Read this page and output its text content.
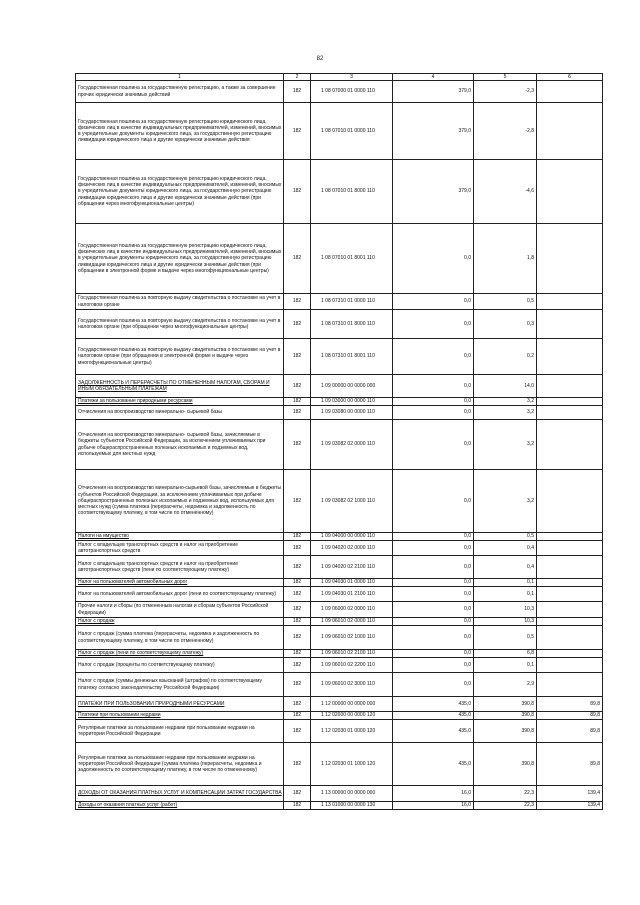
82
1	2	3	4	5	6
Государственная пошлина за государственную регистрацию, а также за совершение прочих юридически значимых действий	182	1 08 07000 01 0000 110	379,0	-2,3	
Государственная пошлина за государственную регистрацию юридического лица, физических лиц в качестве индивидуальных предпринимателей, изменений, вносимых в учредительные документы юридического лица, за государственную регистрацию ликвидации юридического лица и другие юридически значимые действия	182	1 08 07010 01 0000 110	379,0	-2,8	
Государственная пошлина за государственную регистрацию юридического лица, физических лиц в качестве индивидуальных предпринимателей, изменений, вносимых в учредительные документы юридического лица, за государственную регистрацию ликвидации юридического лица и другие юридически значимые действия (при обращении через многофункциональные центры)	182	1 08 07010 01 8000 110	379,0	-4,6	
Государственная пошлина за государственную регистрацию юридического лица, физических лиц в качестве индивидуальных предпринимателей, изменений, вносимых в учредительные документы юридического лица, за государственную регистрацию ликвидации юридического лица и другие юридически значимые действия (при обращении в электронной форме и выдаче через многофункциональные центры)	182	1 08 07010 01 8001 110	0,0	1,8	
Государственная пошлина за повторную выдачу свидетельства о постановке на учет в налоговом органе	182	1 08 07310 01 0000 110	0,0	0,5	
Государственная пошлина за повторную выдачу свидетельства о постановке на учет в налоговом органе (при обращении через многофункциональные центры)	182	1 08 07310 01 8000 110	0,0	0,3	
Государственная пошлина за повторную выдачу свидетельства о постановке на учет в налоговом органе (при обращении в электронной форме и выдаче через многофункциональные центры)	182	1 08 07310 01 8001 110	0,0	0,2	
ЗАДОЛЖЕННОСТЬ И ПЕРЕРАСЧЕТЫ ПО ОТМЕНЕННЫМ НАЛОГАМ, СБОРАМ И ИНЫМ ОБЯЗАТЕЛЬНЫМ ПЛАТЕЖАМ	182	1 09 00000 00 0000 000	0,0	14,0	
Платежи за пользование природными ресурсами	182	1 09 03000 00 0000 110	0,0	3,2	
Отчисления на воспроизводство минерально- сырьевой базы	182	1 09 03080 00 0000 110	0,0	3,2	
Отчисления на воспроизводство минерально- сырьевой базы, зачисляемые в бюджеты субъектов Российской Федерации, за исключением уплачиваемых при добыче общераспространенных полезных ископаемых и подземных вод, используемых для местных нужд	182	1 09 03082 02 0000 110	0,0	3,2	
Отчисления на воспроизводство минерально-сырьевой базы, зачисляемые в бюджеты субъектов Российской Федерации, за исключением уплачиваемых при добыче общераспространенных полезных ископаемых и подземных вод, используемых для местных нужд (сумма платежа (перерасчеты, недоимка и задолженность по соответствующему платежу, в том числе по отмененному)	182	1 09 03082 02 1000 110	0,0	3,2	
Налоги на имущество	182	1 09 04000 00 0000 110	0,0	0,5	
Налог с владельцев транспортных средств и налог на приобретение автотранспортных средств	182	1 09 04020 02 0000 110	0,0	0,4	
Налог с владельцев транспортных средств и налог на приобретение автотранспортных средств (пени по соответствующему платежу)	182	1 09 04020 02 2100 110	0,0	0,4	
Налог на пользователей автомобильных дорог	182	1 09 04030 01 0000 110	0,0	0,1	
Налог на пользователей автомобильных дорог (пени по соответствующему платежу)	182	1 09 04030 01 2100 110	0,0	0,1	
Прочие налоги и сборы (по отмененным налогам и сборам субъектов Российской Федерации)	182	1 09 06000 02 0000 110	0,0	10,3	
Налог с продаж	182	1 09 06010 02 0000 110	0,0	10,3	
Налог с продаж (сумма платежа (перерасчеты, недоимка и задолженность по соответствующему платежу, в том числе по отмененному)	182	1 09 06010 02 1000 110	0,0	0,5	
Налог с продаж (пени по соответствующему платежу)	182	1 09 06010 02 2100 110	0,0	6,8	
Налог с продаж (проценты по соответствующему платежу)	182	1 09 06010 02 2200 110	0,0	0,1	
Налог с продаж (суммы денежных взысканий (штрафов) по соответствующему платежу согласно законодательству Российской Федерации)	182	1 09 06010 02 3000 110	0,0	2,9	
ПЛАТЕЖИ ПРИ ПОЛЬЗОВАНИИ ПРИРОДНЫМИ РЕСУРСАМИ	182	1 12 00000 00 0000 000	435,0	390,8	89,8
Платежи при пользовании недрами	182	1 12 02000 00 0000 120	435,0	390,8	89,8
Регулярные платежи за пользование недрами при пользовании недрами на территории Российской Федерации	182	1 12 02030 01 0000 120	435,0	390,8	89,8
Регулярные платежи за пользование недрами при пользовании недрами на территории Российской Федерации (сумма платежа (перерасчеты, недоимка и задолженность по соответствующему платежу, в том числе по отмененному)	182	1 12 02030 01 1000 120	435,0	390,8	89,8
ДОХОДЫ ОТ ОКАЗАНИЯ ПЛАТНЫХ УСЛУГ И КОМПЕНСАЦИИ ЗАТРАТ ГОСУДАРСТВА	182	1 13 00000 00 0000 000	16,0	22,3	139,4
Доходы от оказания платных услуг (работ)	182	1 13 01000 00 0000 130	16,0	22,3	139,4
